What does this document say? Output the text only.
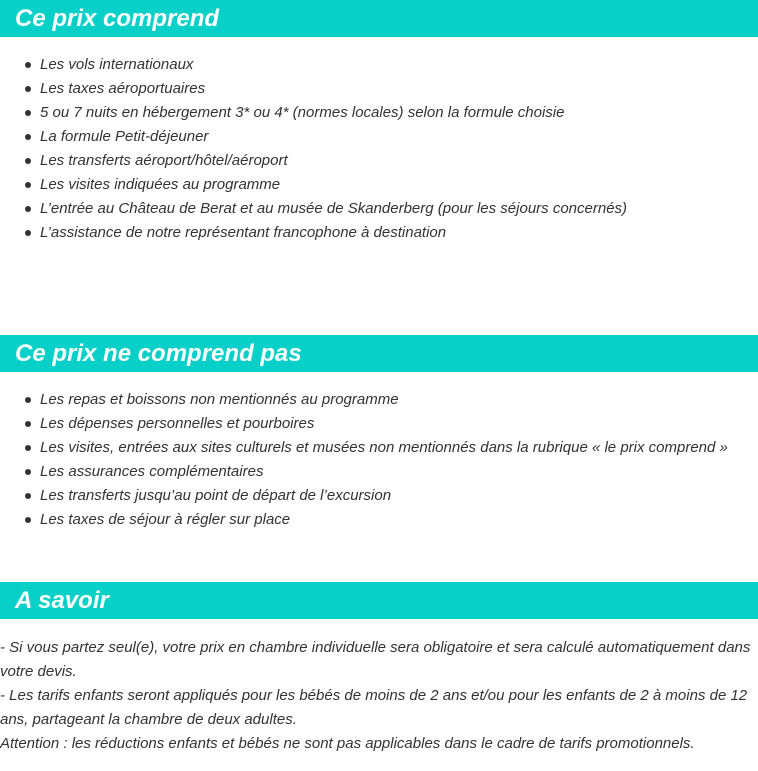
Ce prix comprend
Les vols internationaux
Les taxes aéroportuaires
5 ou 7 nuits en hébergement 3* ou 4* (normes locales) selon la formule choisie
La formule Petit-déjeuner
Les transferts aéroport/hôtel/aéroport
Les visites indiquées au programme
L’entrée au Château de Berat et au musée de Skanderberg (pour les séjours concernés)
L’assistance de notre représentant francophone à destination
Ce prix ne comprend pas
Les repas et boissons non mentionnés au programme
Les dépenses personnelles et pourboires
Les visites, entrées aux sites culturels et musées non mentionnés dans la rubrique « le prix comprend »
Les assurances complémentaires
Les transferts jusqu’au point de départ de l’excursion
Les taxes de séjour à régler sur place
A savoir

- Si vous partez seul(e), votre prix en chambre individuelle sera obligatoire et sera calculé automatiquement dans votre devis.

- Les tarifs enfants seront appliqués pour les bébés de moins de 2 ans et/ou pour les enfants de 2 à moins de 12 ans, partageant la chambre de deux adultes.

Attention : les réductions enfants et bébés ne sont pas applicables dans le cadre de tarifs promotionnels.
